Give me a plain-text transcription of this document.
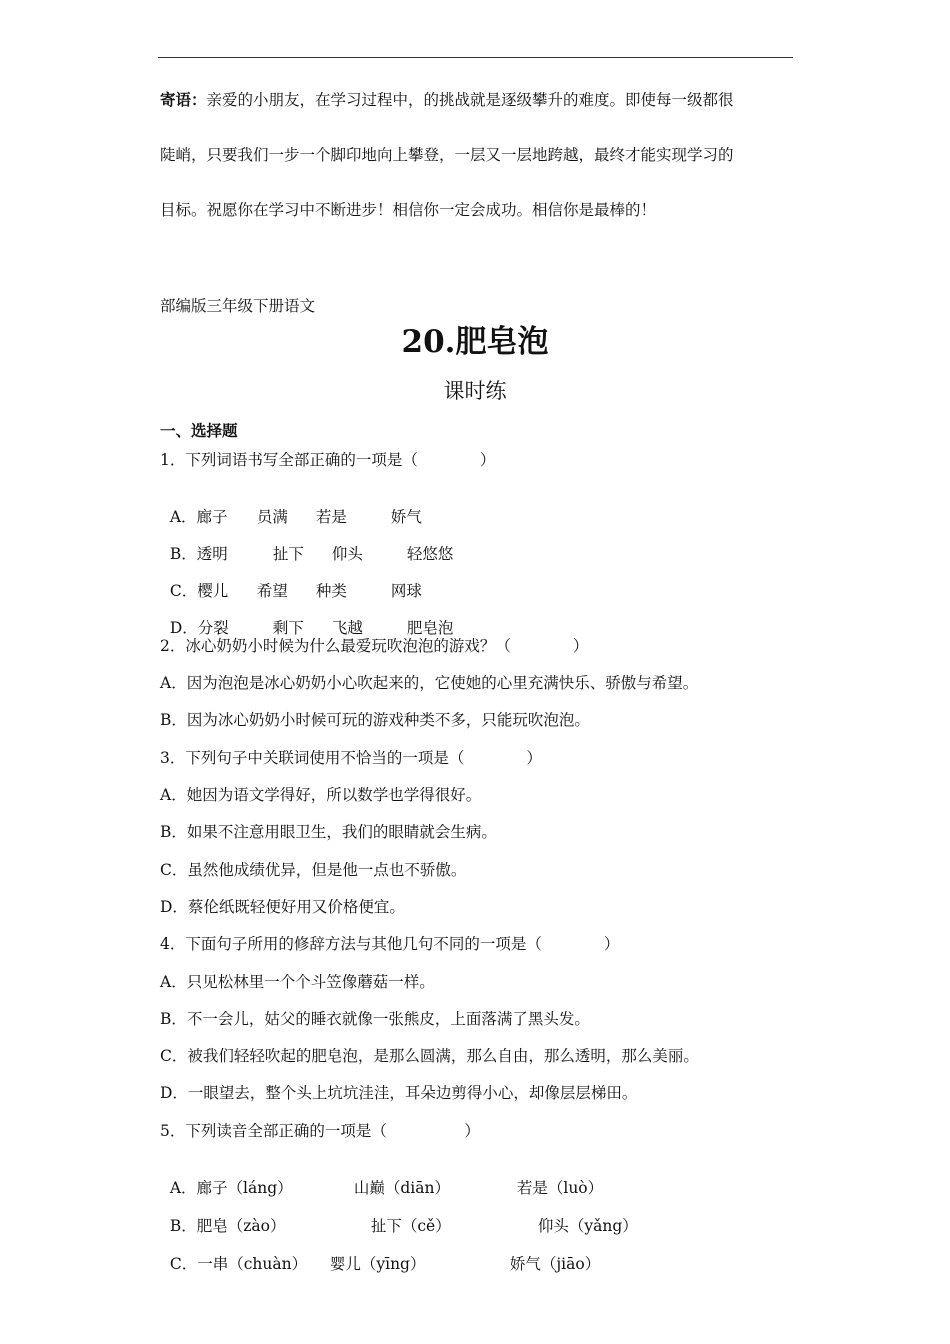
寄语：亲爱的小朋友，在学习过程中，的挑战就是逐级攀升的难度。即使每一级都很
陡峭，只要我们一步一个脚印地向上攀登，一层又一层地跨越，最终才能实现学习的
目标。祝愿你在学习中不断进步！相信你一定会成功。相信你是最棒的！
部编版三年级下册语文
20.肥皂泡
课时练
一、选择题
1．下列词语书写全部正确的一项是（　　　　）

A．廊子 员满 若是	娇气

B．透明	扯下 仰头	轻悠悠

C．樱儿 希望 种类	网球

D．分裂	剩下 飞越	肥皂泡

2．冰心奶奶小时候为什么最爱玩吹泡泡的游戏？（　　　　）
A．因为泡泡是冰心奶奶小心吹起来的，它使她的心里充满快乐、骄傲与希望。
B．因为冰心奶奶小时候可玩的游戏种类不多，只能玩吹泡泡。
3．下列句子中关联词使用不恰当的一项是（　　　　）
A．她因为语文学得好，所以数学也学得很好。
B．如果不注意用眼卫生，我们的眼睛就会生病。
C．虽然他成绩优异，但是他一点也不骄傲。
D．蔡伦纸既轻便好用又价格便宜。
4．下面句子所用的修辞方法与其他几句不同的一项是（　　　　）
A．只见松林里一个个斗笠像蘑菇一样。
B．不一会儿，姑父的睡衣就像一张熊皮，上面落满了黑头发。
C．被我们轻轻吹起的肥皂泡，是那么圆满，那么自由，那么透明，那么美丽。
D．一眼望去，整个头上坑坑洼洼，耳朵边剪得小心，却像层层梯田。
5．下列读音全部正确的一项是（　　　　　）

A．廊子（láng）	山巅（diān）	若是（luò）

B．肥皂（zào）	扯下（cě）	仰头（yǎng）

C．一串（chuàn） 婴儿（yīng）	娇气（jiāo）
